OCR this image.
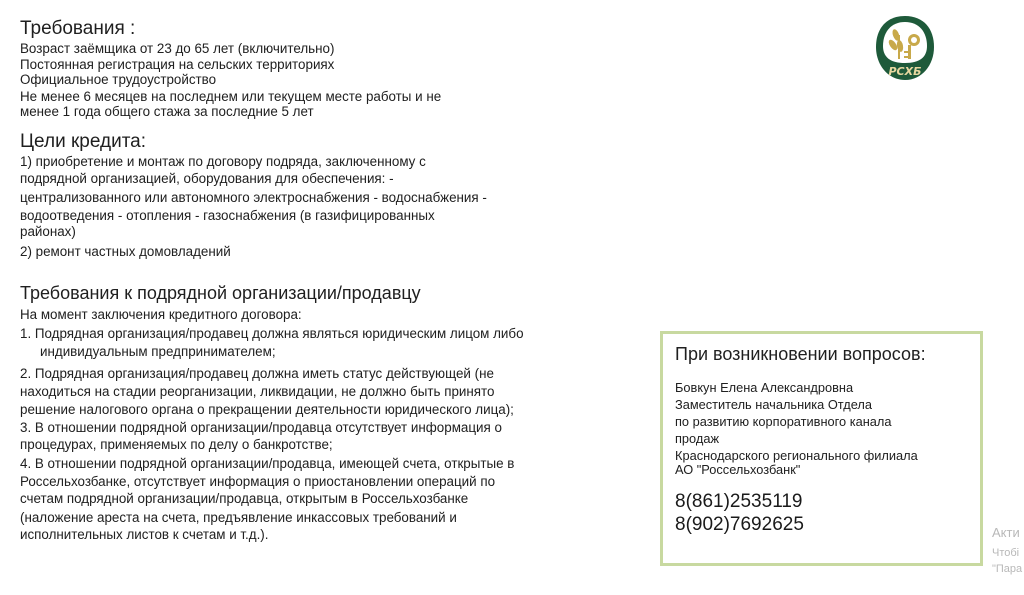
Требования :
Возраст заёмщика от 23 до 65 лет (включительно)
Постоянная регистрация на сельских территориях
Официальное трудоустройство
Не менее 6 месяцев на последнем или текущем месте работы и не
менее 1 года общего стажа за последние 5 лет
Цели кредита:
1) приобретение и монтаж по договору подряда, заключенному с
подрядной организацией, оборудования для обеспечения: -
централизованного или автономного электроснабжения - водоснабжения -
водоотведения - отопления - газоснабжения (в газифицированных
районах)
2) ремонт частных домовладений
Требования к подрядной организации/продавцу
На момент заключения кредитного договора:
1. Подрядная организация/продавец должна являться юридическим лицом либо
индивидуальным предпринимателем;
2. Подрядная организация/продавец должна иметь статус действующей (не
находиться на стадии реорганизации, ликвидации, не должно быть принято
решение налогового органа о прекращении деятельности юридического лица);
3. В отношении подрядной организации/продавца отсутствует информация о
процедурах, применяемых по делу о банкротстве;
4. В отношении подрядной организации/продавца, имеющей счета, открытые в
Россельхозбанке, отсутствует информация о приостановлении операций по
счетам подрядной организации/продавца, открытым в Россельхозбанке
(наложение ареста на счета, предъявление инкассовых требований и
исполнительных листов к счетам и т.д.).
РСХБ
При возникновении вопросов:
Бовкун Елена Александровна
Заместитель начальника Отдела
по развитию корпоративного канала
продаж
Краснодарского регионального филиала
АО "Россельхозбанк"
8(861)2535119
8(902)7692625	Акти
Чтобі
"Пара
